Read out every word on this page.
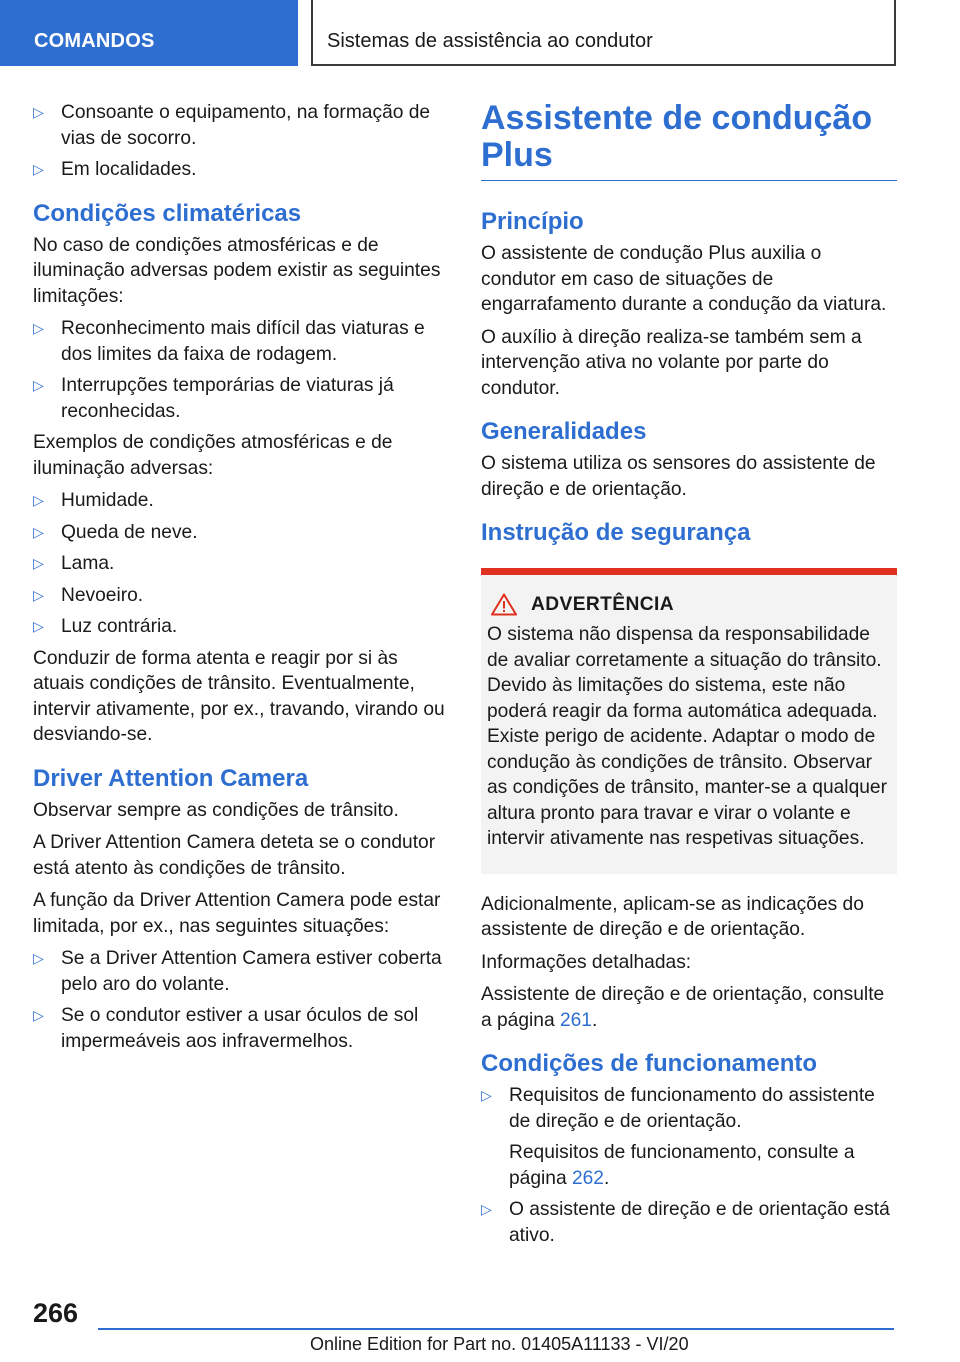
COMANDOS	Sistemas de assistência ao condutor
▷ Consoante o equipamento, na formação de vias de socorro.
▷ Em localidades.
Condições climatéricas

No caso de condições atmosféricas e de iluminação adversas podem existir as seguintes limitações:

▷ Reconhecimento mais difícil das viaturas e dos limites da faixa de rodagem.
▷ Interrupções temporárias de viaturas já reconhecidas.

Exemplos de condições atmosféricas e de iluminação adversas:

▷ Humidade.
▷ Queda de neve.
▷ Lama.
▷ Nevoeiro.
▷ Luz contrária.

Conduzir de forma atenta e reagir por si às atuais condições de trânsito. Eventualmente, intervir ativamente, por ex., travando, virando ou desviando-se.

Driver Attention Camera

Observar sempre as condições de trânsito.

A Driver Attention Camera deteta se o condutor está atento às condições de trânsito.

A função da Driver Attention Camera pode estar limitada, por ex., nas seguintes situações:

▷ Se a Driver Attention Camera estiver coberta pelo aro do volante.
▷ Se o condutor estiver a usar óculos de sol impermeáveis aos infravermelhos.
Assistente de condução Plus
Princípio

O assistente de condução Plus auxilia o condutor em caso de situações de engarrafamento durante a condução da viatura.

O auxílio à direção realiza-se também sem a intervenção ativa no volante por parte do condutor.

Generalidades

O sistema utiliza os sensores do assistente de direção e de orientação.

Instrução de segurança
ADVERTÊNCIA

O sistema não dispensa da responsabilidade de avaliar corretamente a situação do trânsito. Devido às limitações do sistema, este não poderá reagir da forma automática adequada. Existe perigo de acidente. Adaptar o modo de condução às condições de trânsito. Observar as condições de trânsito, manter-se a qualquer altura pronto para travar e virar o volante e intervir ativamente nas respetivas situações.

Adicionalmente, aplicam-se as indicações do assistente de direção e de orientação.

Informações detalhadas:

Assistente de direção e de orientação, consulte a página 261.

Condições de funcionamento
▷ Requisitos de funcionamento do assistente de direção e de orientação.
Requisitos de funcionamento, consulte a página 262.
▷ O assistente de direção e de orientação está ativo.
266
Online Edition for Part no. 01405A11133 - VI/20
